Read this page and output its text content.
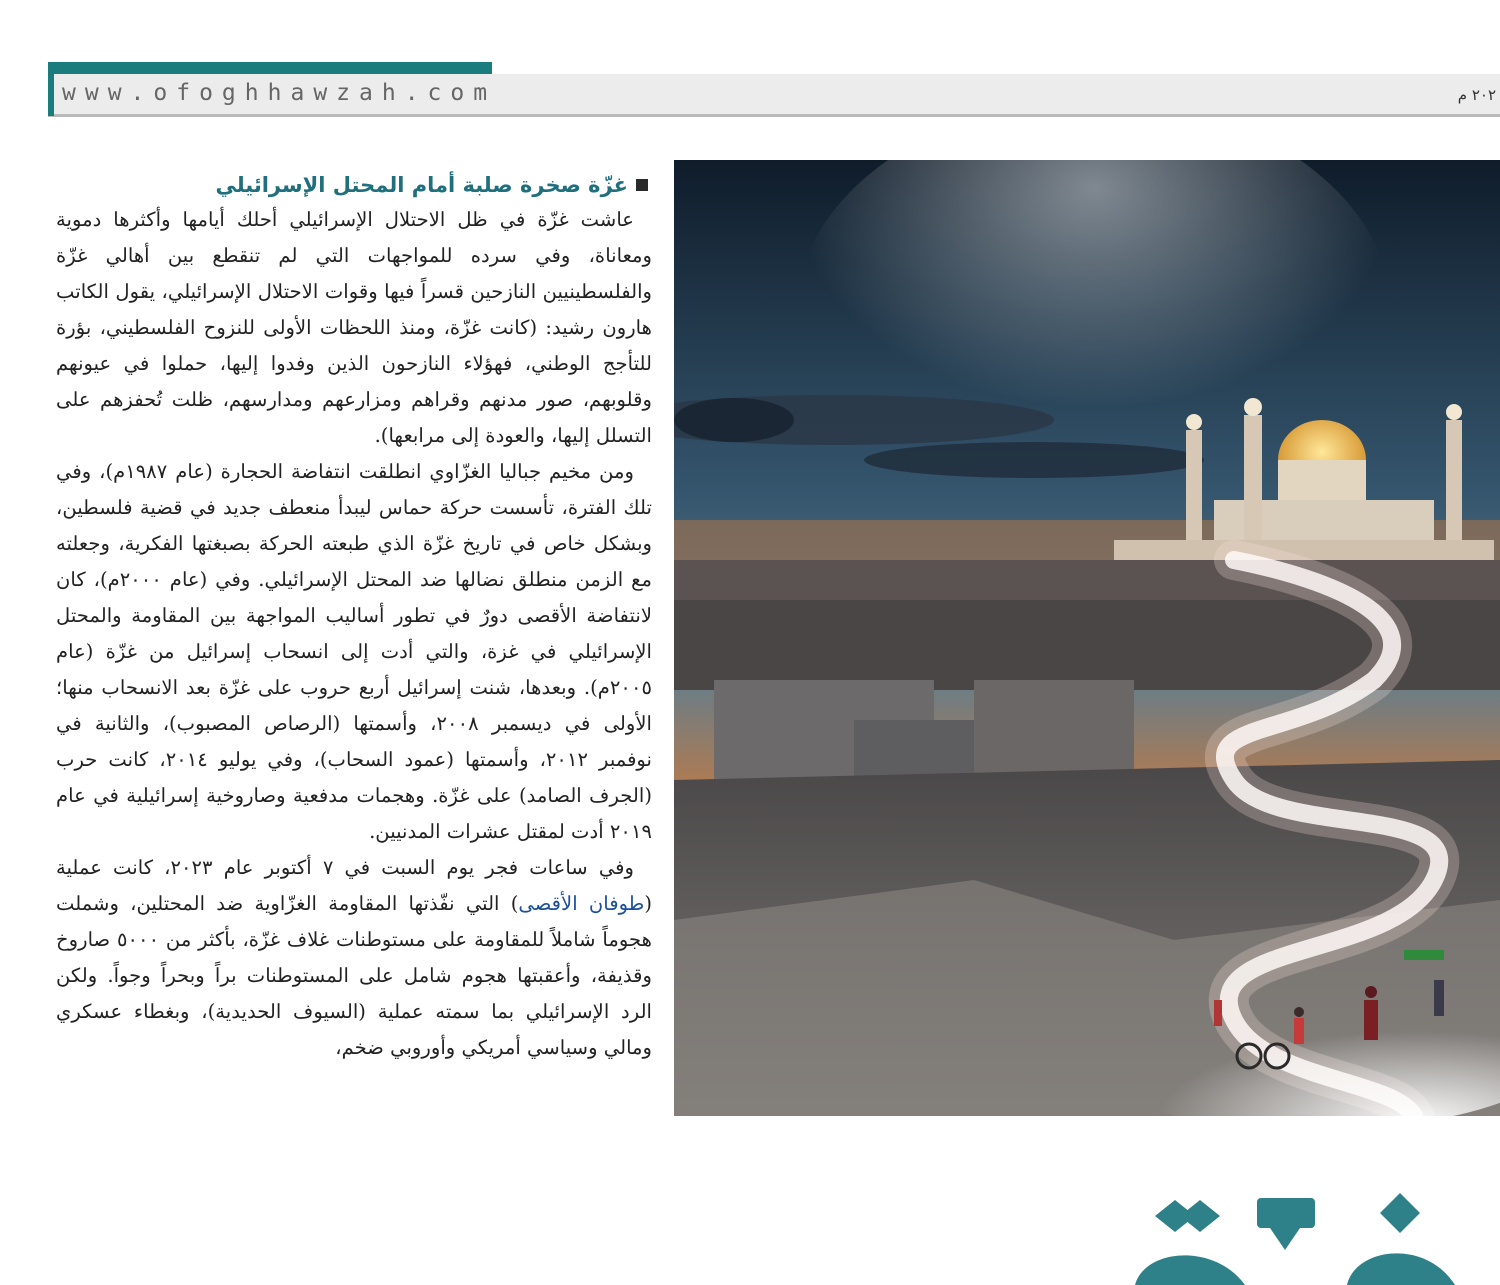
www.ofoghhawzah.com	۲۰۲ م
غزّة صخرة صلبة أمام المحتل الإسرائيلي

عاشت غزّة في ظل الاحتلال الإسرائيلي أحلك أيامها وأكثرها دموية ومعاناة، وفي سرده للمواجهات التي لم تنقطع بين أهالي غزّة والفلسطينيين النازحين قسراً فيها وقوات الاحتلال الإسرائيلي، يقول الكاتب هارون رشيد: (كانت غزّة، ومنذ اللحظات الأولى للنزوح الفلسطيني، بؤرة للتأجج الوطني، فهؤلاء النازحون الذين وفدوا إليها، حملوا في عيونهم وقلوبهم، صور مدنهم وقراهم ومزارعهم ومدارسهم، ظلت تُحفزهم على التسلل إليها، والعودة إلى مرابعها).

ومن مخيم جباليا الغزّاوي انطلقت انتفاضة الحجارة (عام ١٩٨٧م)، وفي تلك الفترة، تأسست حركة حماس ليبدأ منعطف جديد في قضية فلسطين، وبشكل خاص في تاريخ غزّة الذي طبعته الحركة بصبغتها الفكرية، وجعلته مع الزمن منطلق نضالها ضد المحتل الإسرائيلي. وفي (عام ٢٠٠٠م)، كان لانتفاضة الأقصى دورٌ في تطور أساليب المواجهة بين المقاومة والمحتل الإسرائيلي في غزة، والتي أدت إلى انسحاب إسرائيل من غزّة (عام ٢٠٠٥م). وبعدها، شنت إسرائيل أربع حروب على غزّة بعد الانسحاب منها؛ الأولى في ديسمبر ٢٠٠٨، وأسمتها (الرصاص المصبوب)، والثانية في نوفمبر ٢٠١٢، وأسمتها (عمود السحاب)، وفي يوليو ٢٠١٤، كانت حرب (الجرف الصامد) على غزّة. وهجمات مدفعية وصاروخية إسرائيلية في عام ٢٠١٩ أدت لمقتل عشرات المدنيين.

وفي ساعات فجر يوم السبت في ٧ أكتوبر عام ٢٠٢٣، كانت عملية (طوفان الأقصى) التي نفّذتها المقاومة الغزّاوية ضد المحتلين، وشملت هجوماً شاملاً للمقاومة على مستوطنات غلاف غزّة، بأكثر من ٥٠٠٠ صاروخ وقذيفة، وأعقبتها هجوم شامل على المستوطنات براً وبحراً وجواً. ولكن الرد الإسرائيلي بما سمته عملية (السيوف الحديدية)، وبغطاء عسكري ومالي وسياسي أمريكي وأوروبي ضخم،
